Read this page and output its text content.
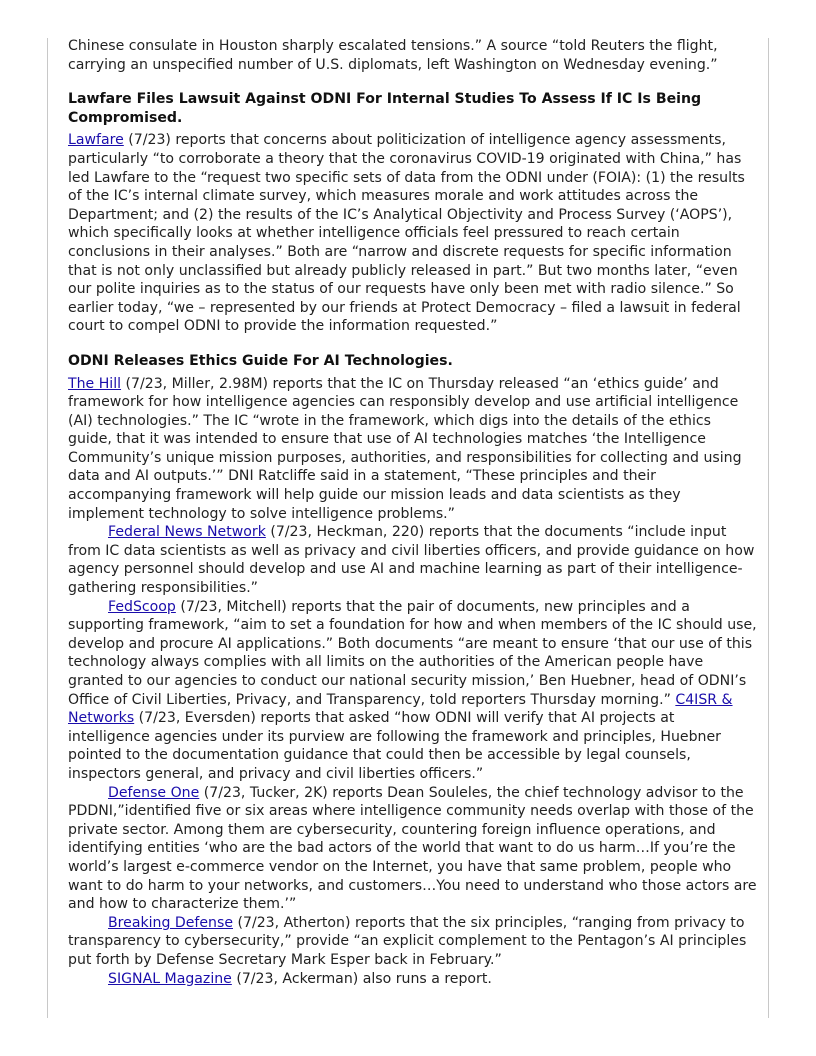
Chinese consulate in Houston sharply escalated tensions.” A source “told Reuters the flight, carrying an unspecified number of U.S. diplomats, left Washington on Wednesday evening.”

Lawfare Files Lawsuit Against ODNI For Internal Studies To Assess If IC Is Being Compromised.

Lawfare (7/23) reports that concerns about politicization of intelligence agency assessments, particularly “to corroborate a theory that the coronavirus COVID-19 originated with China,” has led Lawfare to the “request two specific sets of data from the ODNI under (FOIA): (1) the results of the IC’s internal climate survey, which measures morale and work attitudes across the Department; and (2) the results of the IC’s Analytical Objectivity and Process Survey (‘AOPS’), which specifically looks at whether intelligence officials feel pressured to reach certain conclusions in their analyses.” Both are “narrow and discrete requests for specific information that is not only unclassified but already publicly released in part.” But two months later, “even our polite inquiries as to the status of our requests have only been met with radio silence.” So earlier today, “we – represented by our friends at Protect Democracy – filed a lawsuit in federal court to compel ODNI to provide the information requested.”

ODNI Releases Ethics Guide For AI Technologies.

The Hill (7/23, Miller, 2.98M) reports that the IC on Thursday released “an ‘ethics guide’ and framework for how intelligence agencies can responsibly develop and use artificial intelligence (AI) technologies.” The IC “wrote in the framework, which digs into the details of the ethics guide, that it was intended to ensure that use of AI technologies matches ‘the Intelligence Community’s unique mission purposes, authorities, and responsibilities for collecting and using data and AI outputs.’” DNI Ratcliffe said in a statement, “These principles and their accompanying framework will help guide our mission leads and data scientists as they implement technology to solve intelligence problems.”

Federal News Network (7/23, Heckman, 220) reports that the documents “include input from IC data scientists as well as privacy and civil liberties officers, and provide guidance on how agency personnel should develop and use AI and machine learning as part of their intelligence-gathering responsibilities.”

FedScoop (7/23, Mitchell) reports that the pair of documents, new principles and a supporting framework, “aim to set a foundation for how and when members of the IC should use, develop and procure AI applications.” Both documents “are meant to ensure ‘that our use of this technology always complies with all limits on the authorities of the American people have granted to our agencies to conduct our national security mission,’ Ben Huebner, head of ODNI’s Office of Civil Liberties, Privacy, and Transparency, told reporters Thursday morning.” C4ISR & Networks (7/23, Eversden) reports that asked “how ODNI will verify that AI projects at intelligence agencies under its purview are following the framework and principles, Huebner pointed to the documentation guidance that could then be accessible by legal counsels, inspectors general, and privacy and civil liberties officers.”

Defense One (7/23, Tucker, 2K) reports Dean Souleles, the chief technology advisor to the PDDNI,”identified five or six areas where intelligence community needs overlap with those of the private sector. Among them are cybersecurity, countering foreign influence operations, and identifying entities ‘who are the bad actors of the world that want to do us harm…If you’re the world’s largest e-commerce vendor on the Internet, you have that same problem, people who want to do harm to your networks, and customers…You need to understand who those actors are and how to characterize them.’”

Breaking Defense (7/23, Atherton) reports that the six principles, “ranging from privacy to transparency to cybersecurity,” provide “an explicit complement to the Pentagon’s AI principles put forth by Defense Secretary Mark Esper back in February.”

SIGNAL Magazine (7/23, Ackerman) also runs a report.
